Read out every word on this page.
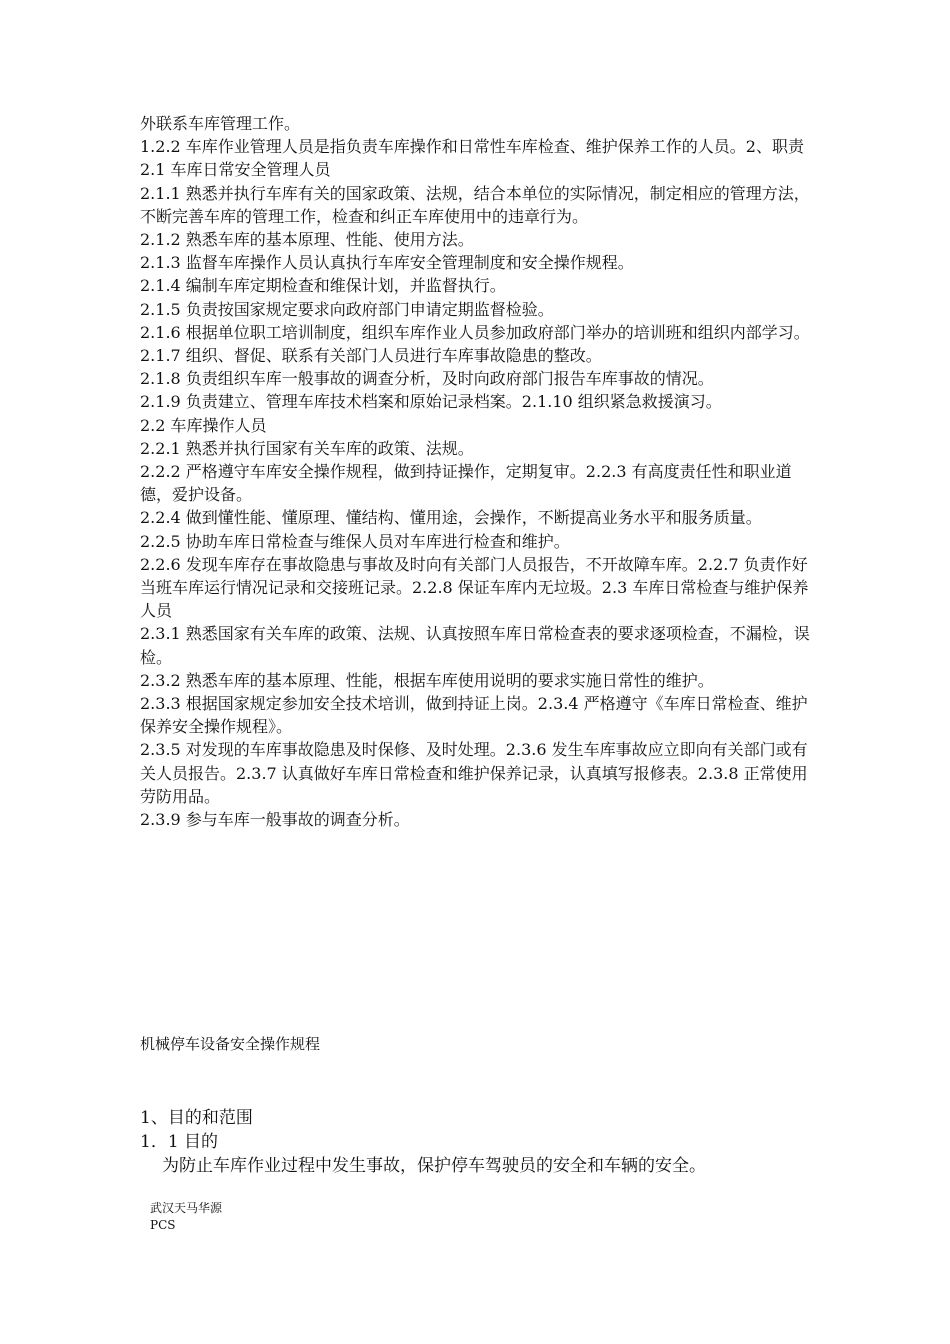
外联系车库管理工作。

1.2.2 车库作业管理人员是指负责车库操作和日常性车库检查、维护保养工作的人员。2、职责

2.1 车库日常安全管理人员

2.1.1 熟悉并执行车库有关的国家政策、法规，结合本单位的实际情况，制定相应的管理方法，不断完善车库的管理工作，检查和纠正车库使用中的违章行为。

2.1.2 熟悉车库的基本原理、性能、使用方法。

2.1.3 监督车库操作人员认真执行车库安全管理制度和安全操作规程。

2.1.4 编制车库定期检查和维保计划，并监督执行。

2.1.5 负责按国家规定要求向政府部门申请定期监督检验。

2.1.6 根据单位职工培训制度，组织车库作业人员参加政府部门举办的培训班和组织内部学习。

2.1.7 组织、督促、联系有关部门人员进行车库事故隐患的整改。

2.1.8 负责组织车库一般事故的调查分析，及时向政府部门报告车库事故的情况。

2.1.9 负责建立、管理车库技术档案和原始记录档案。2.1.10 组织紧急救援演习。

2.2 车库操作人员

2.2.1 熟悉并执行国家有关车库的政策、法规。

2.2.2 严格遵守车库安全操作规程，做到持证操作，定期复审。2.2.3 有高度责任性和职业道德，爱护设备。

2.2.4 做到懂性能、懂原理、懂结构、懂用途，会操作，不断提高业务水平和服务质量。

2.2.5 协助车库日常检查与维保人员对车库进行检查和维护。

2.2.6 发现车库存在事故隐患与事故及时向有关部门人员报告，不开故障车库。2.2.7 负责作好当班车库运行情况记录和交接班记录。2.2.8 保证车库内无垃圾。2.3 车库日常检查与维护保养人员

2.3.1 熟悉国家有关车库的政策、法规、认真按照车库日常检查表的要求逐项检查，不漏检，误检。

2.3.2 熟悉车库的基本原理、性能，根据车库使用说明的要求实施日常性的维护。

2.3.3 根据国家规定参加安全技术培训，做到持证上岗。2.3.4 严格遵守《车库日常检查、维护保养安全操作规程》。

2.3.5 对发现的车库事故隐患及时保修、及时处理。2.3.6 发生车库事故应立即向有关部门或有关人员报告。2.3.7 认真做好车库日常检查和维护保养记录，认真填写报修表。2.3.8 正常使用劳防用品。

2.3.9 参与车库一般事故的调查分析。

机械停车设备安全操作规程

1、目的和范围

1．1 目的

为防止车库作业过程中发生事故，保护停车驾驶员的安全和车辆的安全。

武汉天马华源
PCS
